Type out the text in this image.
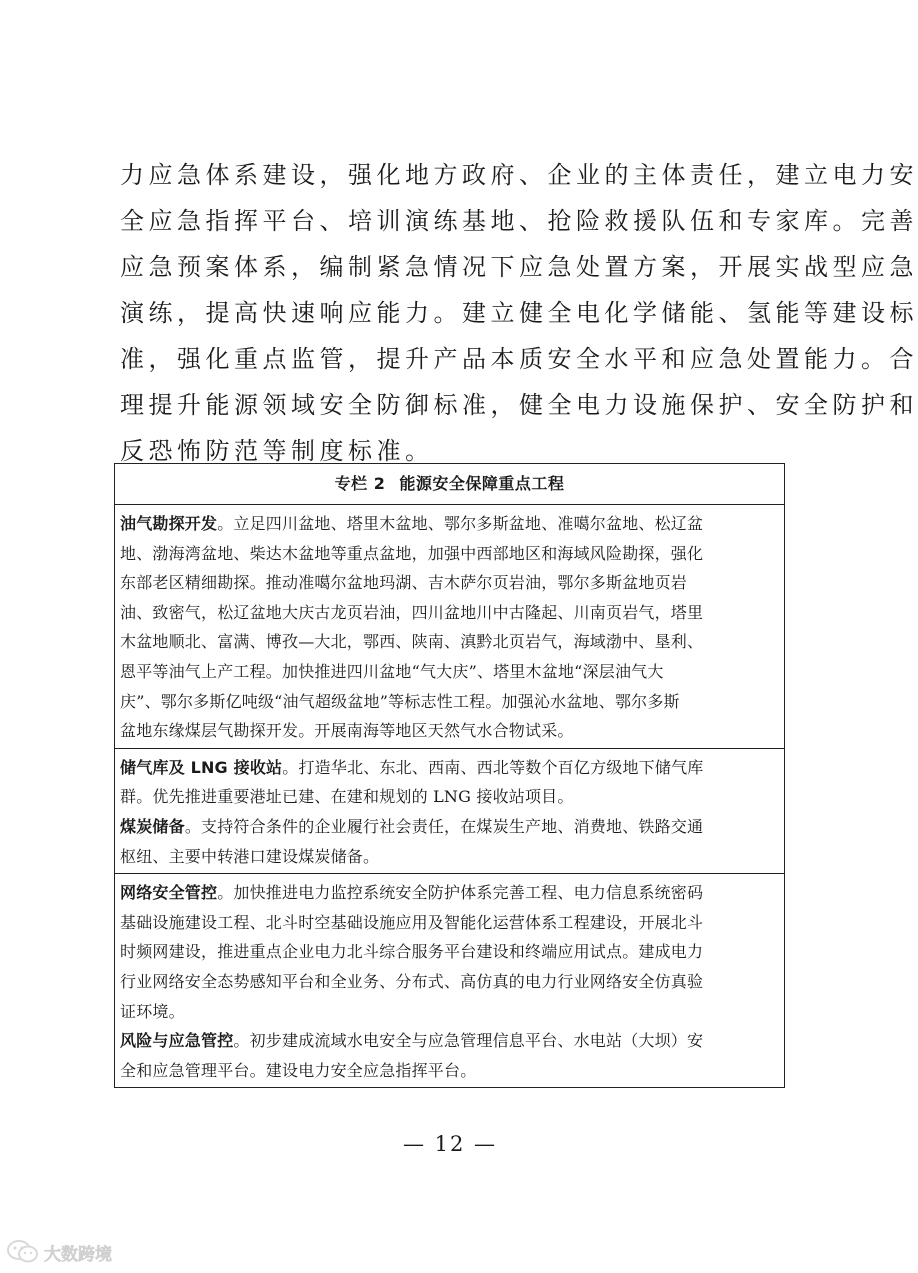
力应急体系建设，强化地方政府、企业的主体责任，建立电力安
全应急指挥平台、培训演练基地、抢险救援队伍和专家库。完善
应急预案体系，编制紧急情况下应急处置方案，开展实战型应急
演练，提高快速响应能力。建立健全电化学储能、氢能等建设标
准，强化重点监管，提升产品本质安全水平和应急处置能力。合
理提升能源领域安全防御标准，健全电力设施保护、安全防护和
反恐怖防范等制度标准。
专栏 2 能源安全保障重点工程
油气勘探开发。立足四川盆地、塔里木盆地、鄂尔多斯盆地、准噶尔盆地、松辽盆
地、渤海湾盆地、柴达木盆地等重点盆地，加强中西部地区和海域风险勘探，强化
东部老区精细勘探。推动准噶尔盆地玛湖、吉木萨尔页岩油，鄂尔多斯盆地页岩
油、致密气，松辽盆地大庆古龙页岩油，四川盆地川中古隆起、川南页岩气，塔里
木盆地顺北、富满、博孜—大北，鄂西、陕南、滇黔北页岩气，海域渤中、垦利、
恩平等油气上产工程。加快推进四川盆地“气大庆”、塔里木盆地“深层油气大
庆”、鄂尔多斯亿吨级“油气超级盆地”等标志性工程。加强沁水盆地、鄂尔多斯
盆地东缘煤层气勘探开发。开展南海等地区天然气水合物试采。
储气库及 LNG 接收站。打造华北、东北、西南、西北等数个百亿方级地下储气库
群。优先推进重要港址已建、在建和规划的 LNG 接收站项目。
煤炭储备。支持符合条件的企业履行社会责任，在煤炭生产地、消费地、铁路交通
枢纽、主要中转港口建设煤炭储备。
网络安全管控。加快推进电力监控系统安全防护体系完善工程、电力信息系统密码
基础设施建设工程、北斗时空基础设施应用及智能化运营体系工程建设，开展北斗
时频网建设，推进重点企业电力北斗综合服务平台建设和终端应用试点。建成电力
行业网络安全态势感知平台和全业务、分布式、高仿真的电力行业网络安全仿真验
证环境。
风险与应急管控。初步建成流域水电安全与应急管理信息平台、水电站（大坝）安
全和应急管理平台。建设电力安全应急指挥平台。
— 12 —
大数跨境
